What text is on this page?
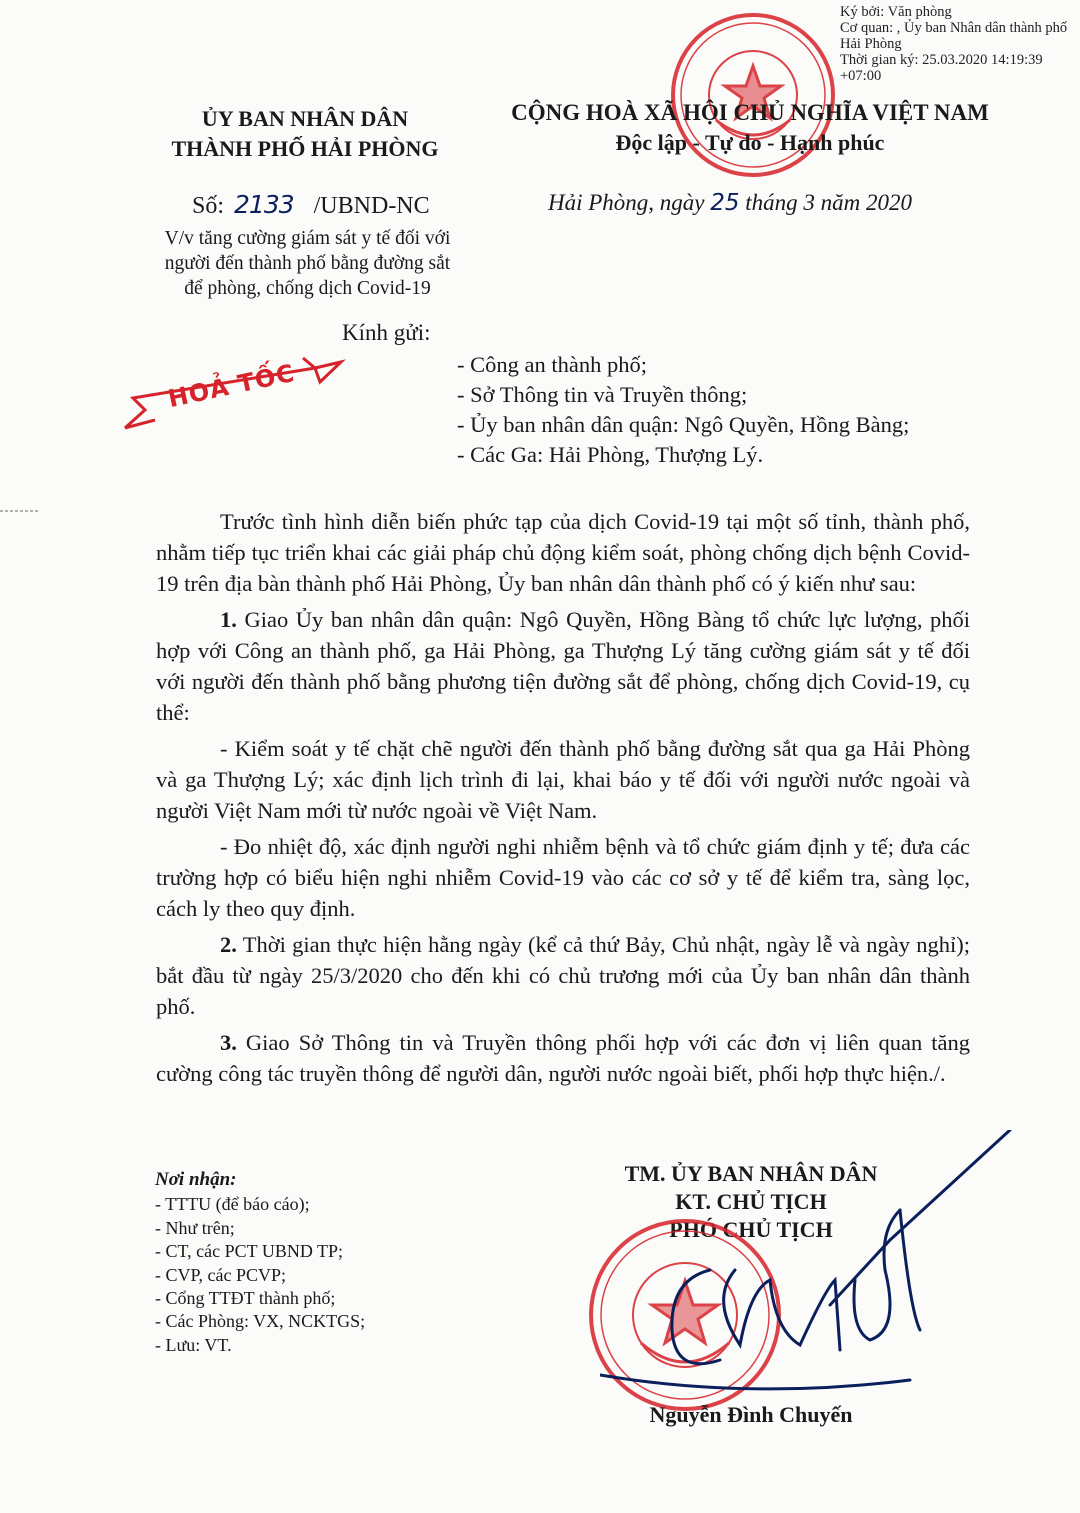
Ký bởi: Văn phòng
Cơ quan: , Ủy ban Nhân dân thành phố Hải Phòng
Thời gian ký: 25.03.2020 14:19:39 +07:00
ỦY BAN NHÂN DÂN
THÀNH PHỐ HẢI PHÒNG
CỘNG HOÀ XÃ HỘI CHỦ NGHĨA VIỆT NAM
Độc lập - Tự do - Hạnh phúc
Số: 2133 /UBND-NC
V/v tăng cường giám sát y tế đối với
người đến thành phố bằng đường sắt
để phòng, chống dịch Covid-19
Hải Phòng, ngày 25 tháng 3 năm 2020
HOẢ TỐC
Kính gửi:
- Công an thành phố;
- Sở Thông tin và Truyền thông;
- Ủy ban nhân dân quận: Ngô Quyền, Hồng Bàng;
- Các Ga: Hải Phòng, Thượng Lý.

Trước tình hình diễn biến phức tạp của dịch Covid-19 tại một số tỉnh, thành phố, nhằm tiếp tục triển khai các giải pháp chủ động kiểm soát, phòng chống dịch bệnh Covid-19 trên địa bàn thành phố Hải Phòng, Ủy ban nhân dân thành phố có ý kiến như sau:

1. Giao Ủy ban nhân dân quận: Ngô Quyền, Hồng Bàng tổ chức lực lượng, phối hợp với Công an thành phố, ga Hải Phòng, ga Thượng Lý tăng cường giám sát y tế đối với người đến thành phố bằng phương tiện đường sắt để phòng, chống dịch Covid-19, cụ thể:

- Kiểm soát y tế chặt chẽ người đến thành phố bằng đường sắt qua ga Hải Phòng và ga Thượng Lý; xác định lịch trình đi lại, khai báo y tế đối với người nước ngoài và người Việt Nam mới từ nước ngoài về Việt Nam.

- Đo nhiệt độ, xác định người nghi nhiễm bệnh và tổ chức giám định y tế; đưa các trường hợp có biểu hiện nghi nhiễm Covid-19 vào các cơ sở y tế để kiểm tra, sàng lọc, cách ly theo quy định.

2. Thời gian thực hiện hằng ngày (kể cả thứ Bảy, Chủ nhật, ngày lễ và ngày nghỉ); bắt đầu từ ngày 25/3/2020 cho đến khi có chủ trương mới của Ủy ban nhân dân thành phố.

3. Giao Sở Thông tin và Truyền thông phối hợp với các đơn vị liên quan tăng cường công tác truyền thông để người dân, người nước ngoài biết, phối hợp thực hiện./.

Nơi nhận:
- TTTU (để báo cáo);
- Như trên;
- CT, các PCT UBND TP;
- CVP, các PCVP;
- Cổng TTĐT thành phố;
- Các Phòng: VX, NCKTGS;
- Lưu: VT.
TM. ỦY BAN NHÂN DÂN
KT. CHỦ TỊCH
PHÓ CHỦ TỊCH
Nguyễn Đình Chuyến
